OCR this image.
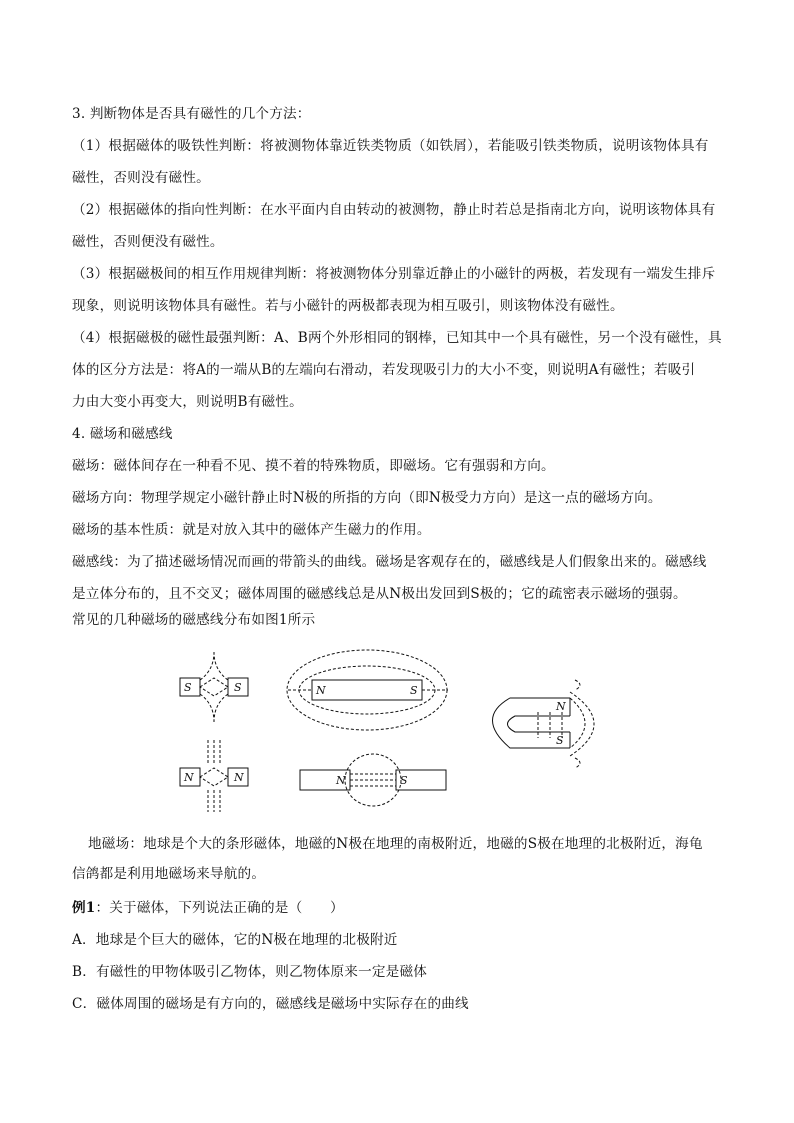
3. 判断物体是否具有磁性的几个方法：
（1）根据磁体的吸铁性判断：将被测物体靠近铁类物质（如铁屑），若能吸引铁类物质，说明该物体具有
磁性，否则没有磁性。
（2）根据磁体的指向性判断：在水平面内自由转动的被测物，静止时若总是指南北方向，说明该物体具有
磁性，否则便没有磁性。
（3）根据磁极间的相互作用规律判断：将被测物体分别靠近静止的小磁针的两极，若发现有一端发生排斥
现象，则说明该物体具有磁性。若与小磁针的两极都表现为相互吸引，则该物体没有磁性。
（4）根据磁极的磁性最强判断：A、B两个外形相同的钢棒，已知其中一个具有磁性，另一个没有磁性，具
体的区分方法是：将A的一端从B的左端向右滑动，若发现吸引力的大小不变，则说明A有磁性；若吸引
力由大变小再变大，则说明B有磁性。
4. 磁场和磁感线
磁场：磁体间存在一种看不见、摸不着的特殊物质，即磁场。它有强弱和方向。
磁场方向：物理学规定小磁针静止时N极的所指的方向（即N极受力方向）是这一点的磁场方向。
磁场的基本性质：就是对放入其中的磁体产生磁力的作用。
磁感线：为了描述磁场情况而画的带箭头的曲线。磁场是客观存在的，磁感线是人们假象出来的。磁感线
是立体分布的，且不交叉；磁体周围的磁感线总是从N极出发回到S极的；它的疏密表示磁场的强弱。
常见的几种磁场的磁感线分布如图1所示
S	S
N	N
N	S
N
S
N	S
地磁场：地球是个大的条形磁体，地磁的N极在地理的南极附近，地磁的S极在地理的北极附近，海龟
信鸽都是利用地磁场来导航的。
例1：关于磁体，下列说法正确的是（　　）
A．地球是个巨大的磁体，它的N极在地理的北极附近
B．有磁性的甲物体吸引乙物体，则乙物体原来一定是磁体
C．磁体周围的磁场是有方向的，磁感线是磁场中实际存在的曲线
